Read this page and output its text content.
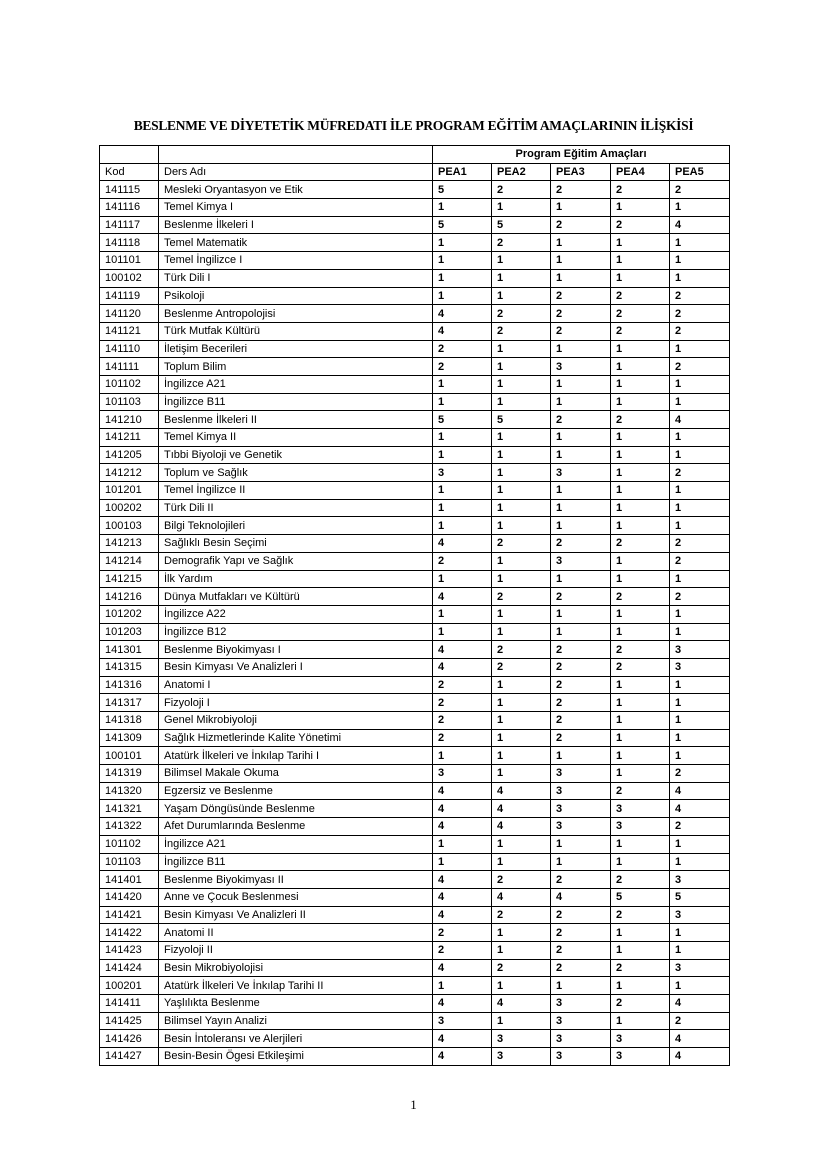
BESLENME VE DİYETETİK MÜFREDATI İLE PROGRAM EĞİTİM AMAÇLARININ İLİŞKİSİ
		Program Eğitim Amaçları				
Kod	Ders Adı	PEA1	PEA2	PEA3	PEA4	PEA5
141115	Mesleki Oryantasyon ve Etik	5	2	2	2	2
141116	Temel Kimya I	1	1	1	1	1
141117	Beslenme İlkeleri I	5	5	2	2	4
141118	Temel Matematik	1	2	1	1	1
101101	Temel İngilizce I	1	1	1	1	1
100102	Türk Dili I	1	1	1	1	1
141119	Psikoloji	1	1	2	2	2
141120	Beslenme Antropolojisi	4	2	2	2	2
141121	Türk Mutfak Kültürü	4	2	2	2	2
141110	İletişim Becerileri	2	1	1	1	1
141111	Toplum Bilim	2	1	3	1	2
101102	İngilizce A21	1	1	1	1	1
101103	İngilizce B11	1	1	1	1	1
141210	Beslenme İlkeleri II	5	5	2	2	4
141211	Temel Kimya II	1	1	1	1	1
141205	Tıbbi Biyoloji ve Genetik	1	1	1	1	1
141212	Toplum ve Sağlık	3	1	3	1	2
101201	Temel İngilizce II	1	1	1	1	1
100202	Türk Dili II	1	1	1	1	1
100103	Bilgi Teknolojileri	1	1	1	1	1
141213	Sağlıklı Besin Seçimi	4	2	2	2	2
141214	Demografik Yapı ve Sağlık	2	1	3	1	2
141215	İlk Yardım	1	1	1	1	1
141216	Dünya Mutfakları ve Kültürü	4	2	2	2	2
101202	İngilizce A22	1	1	1	1	1
101203	İngilizce B12	1	1	1	1	1
141301	Beslenme Biyokimyası I	4	2	2	2	3
141315	Besin Kimyası Ve Analizleri I	4	2	2	2	3
141316	Anatomi I	2	1	2	1	1
141317	Fizyoloji I	2	1	2	1	1
141318	Genel Mikrobiyoloji	2	1	2	1	1
141309	Sağlık Hizmetlerinde Kalite Yönetimi	2	1	2	1	1
100101	Atatürk İlkeleri ve İnkılap Tarihi I	1	1	1	1	1
141319	Bilimsel Makale Okuma	3	1	3	1	2
141320	Egzersiz ve Beslenme	4	4	3	2	4
141321	Yaşam Döngüsünde Beslenme	4	4	3	3	4
141322	Afet Durumlarında Beslenme	4	4	3	3	2
101102	İngilizce A21	1	1	1	1	1
101103	İngilizce B11	1	1	1	1	1
141401	Beslenme Biyokimyası II	4	2	2	2	3
141420	Anne ve Çocuk Beslenmesi	4	4	4	5	5
141421	Besin Kimyası Ve Analizleri II	4	2	2	2	3
141422	Anatomi II	2	1	2	1	1
141423	Fizyoloji II	2	1	2	1	1
141424	Besin Mikrobiyolojisi	4	2	2	2	3
100201	Atatürk İlkeleri Ve İnkılap Tarihi II	1	1	1	1	1
141411	Yaşlılıkta Beslenme	4	4	3	2	4
141425	Bilimsel Yayın Analizi	3	1	3	1	2
141426	Besin İntoleransı ve Alerjileri	4	3	3	3	4
141427	Besin-Besin Ögesi Etkileşimi	4	3	3	3	4
1
